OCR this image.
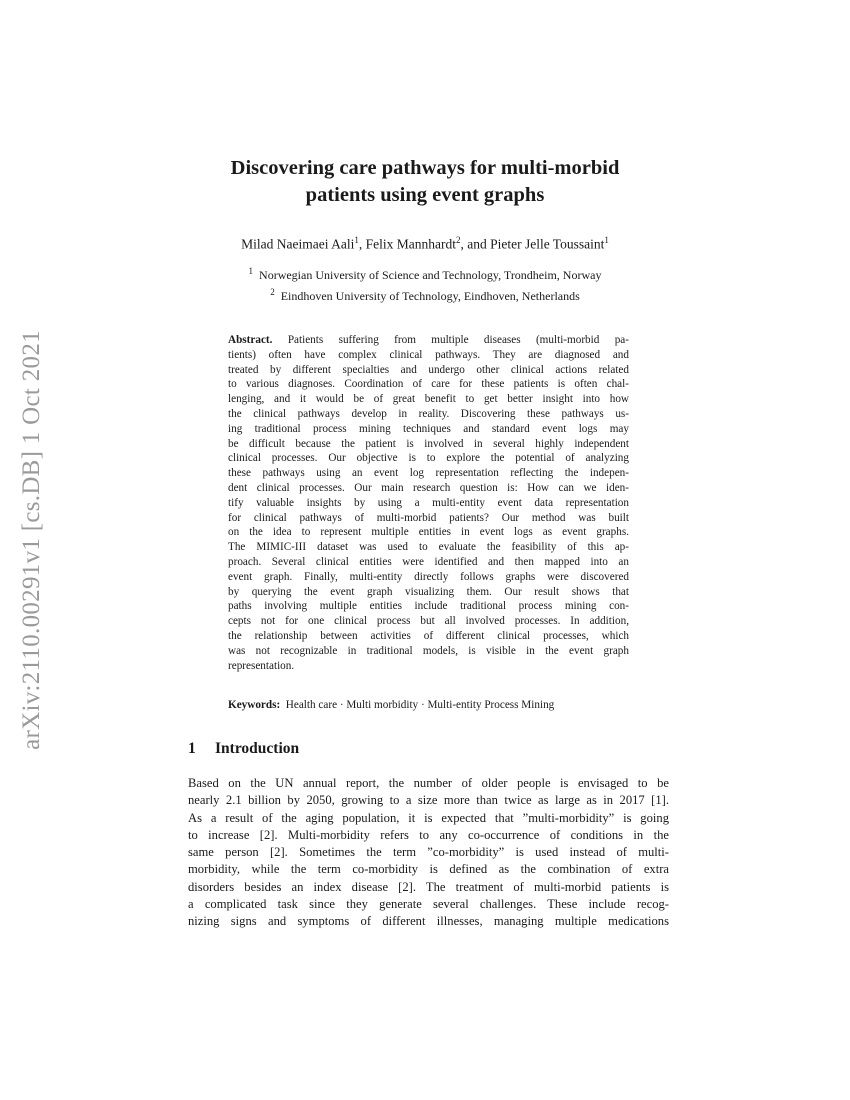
arXiv:2110.00291v1 [cs.DB] 1 Oct 2021
Discovering care pathways for multi-morbid
patients using event graphs
Milad Naeimaei Aali$^1$, Felix Mannhardt$^2$, and Pieter Jelle Toussaint$^1$
$^1$ Norwegian University of Science and Technology, Trondheim, Norway
$^2$ Eindhoven University of Technology, Eindhoven, Netherlands
Abstract. Patients suffering from multiple diseases (multi-morbid pa-
tients) often have complex clinical pathways. They are diagnosed and
treated by different specialties and undergo other clinical actions related
to various diagnoses. Coordination of care for these patients is often chal-
lenging, and it would be of great benefit to get better insight into how
the clinical pathways develop in reality. Discovering these pathways us-
ing traditional process mining techniques and standard event logs may
be difficult because the patient is involved in several highly independent
clinical processes. Our objective is to explore the potential of analyzing
these pathways using an event log representation reflecting the indepen-
dent clinical processes. Our main research question is: How can we iden-
tify valuable insights by using a multi-entity event data representation
for clinical pathways of multi-morbid patients? Our method was built
on the idea to represent multiple entities in event logs as event graphs.
The MIMIC-III dataset was used to evaluate the feasibility of this ap-
proach. Several clinical entities were identified and then mapped into an
event graph. Finally, multi-entity directly follows graphs were discovered
by querying the event graph visualizing them. Our result shows that
paths involving multiple entities include traditional process mining con-
cepts not for one clinical process but all involved processes. In addition,
the relationship between activities of different clinical processes, which
was not recognizable in traditional models, is visible in the event graph
representation.
Keywords: Health care · Multi morbidity · Multi-entity Process Mining
1 Introduction
Based on the UN annual report, the number of older people is envisaged to be
nearly 2.1 billion by 2050, growing to a size more than twice as large as in 2017 [1].
As a result of the aging population, it is expected that ”multi-morbidity” is going
to increase [2]. Multi-morbidity refers to any co-occurrence of conditions in the
same person [2]. Sometimes the term ”co-morbidity” is used instead of multi-
morbidity, while the term co-morbidity is defined as the combination of extra
disorders besides an index disease [2]. The treatment of multi-morbid patients is
a complicated task since they generate several challenges. These include recog-
nizing signs and symptoms of different illnesses, managing multiple medications
